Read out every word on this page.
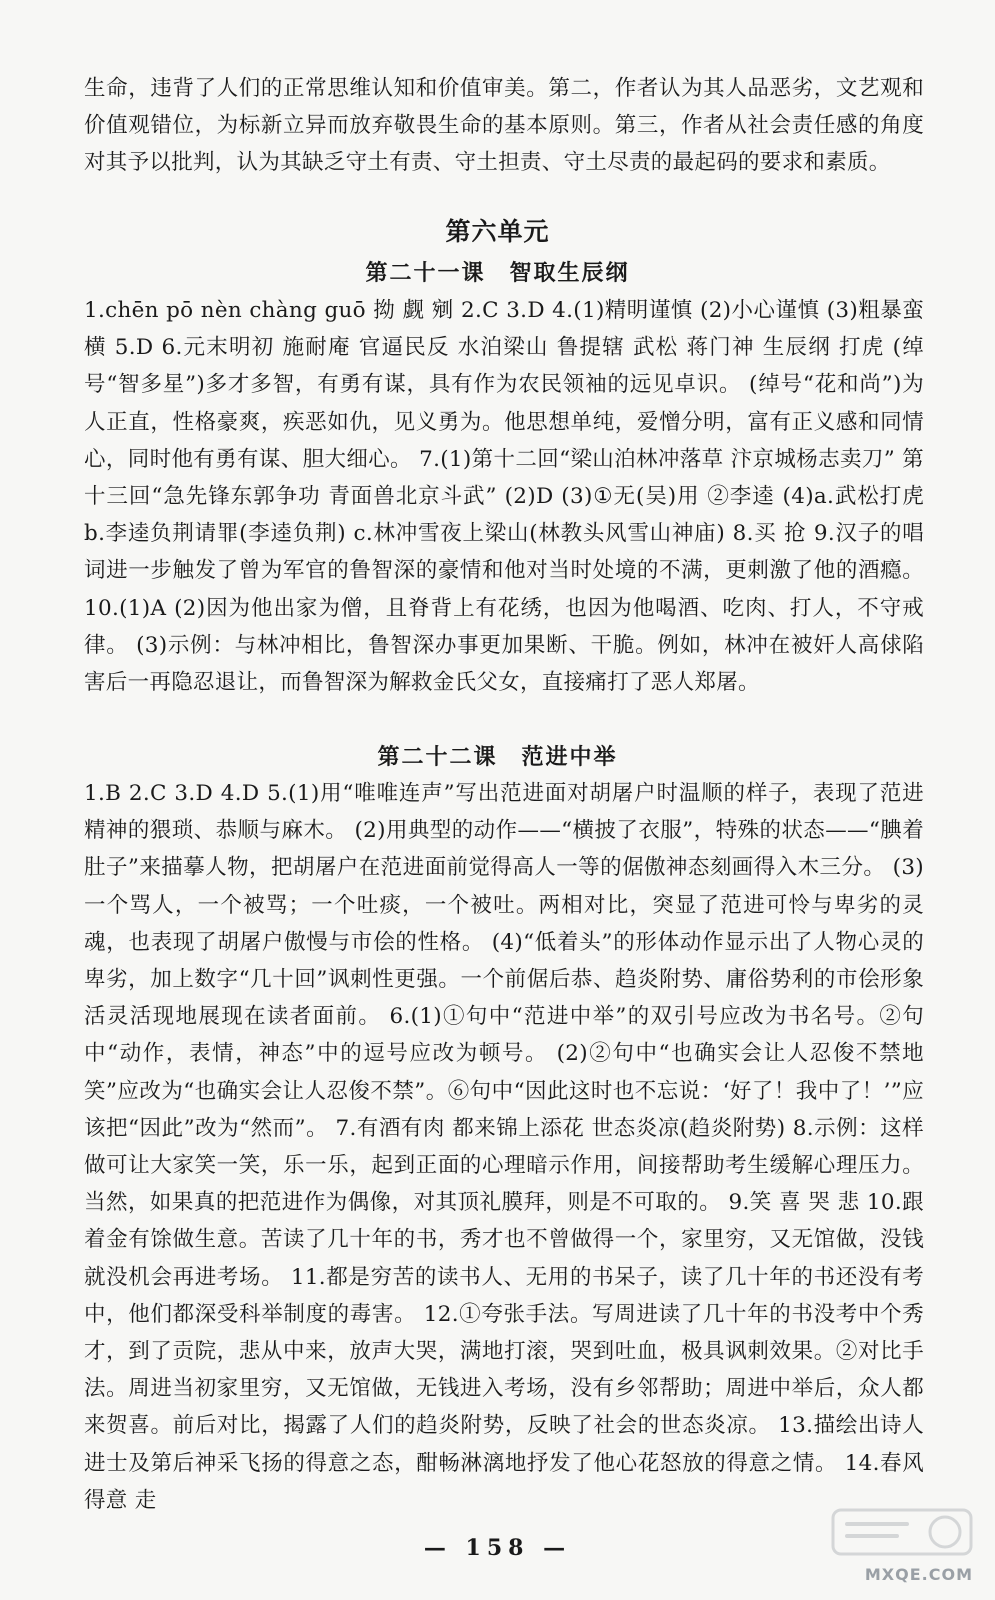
生命，违背了人们的正常思维认知和价值审美。第二，作者认为其人品恶劣，文艺观和价值观错位，为标新立异而放弃敬畏生命的基本原则。第三，作者从社会责任感的角度对其予以批判，认为其缺乏守土有责、守土担责、守土尽责的最起码的要求和素质。

第六单元
第二十一课　智取生辰纲

1.chēn pō nèn chàng guō 拗 觑 剜 2.C 3.D 4.(1)精明谨慎 (2)小心谨慎 (3)粗暴蛮横 5.D 6.元末明初 施耐庵 官逼民反 水泊梁山 鲁提辖 武松 蒋门神 生辰纲 打虎 (绰号“智多星”)多才多智，有勇有谋，具有作为农民领袖的远见卓识。 (绰号“花和尚”)为人正直，性格豪爽，疾恶如仇，见义勇为。他思想单纯，爱憎分明，富有正义感和同情心，同时他有勇有谋、胆大细心。 7.(1)第十二回“梁山泊林冲落草 汴京城杨志卖刀” 第十三回“急先锋东郭争功 青面兽北京斗武” (2)D (3)①无(吴)用 ②李逵 (4)a.武松打虎 b.李逵负荆请罪(李逵负荆) c.林冲雪夜上梁山(林教头风雪山神庙) 8.买 抢 9.汉子的唱词进一步触发了曾为军官的鲁智深的豪情和他对当时处境的不满，更刺激了他的酒瘾。 10.(1)A (2)因为他出家为僧，且脊背上有花绣，也因为他喝酒、吃肉、打人，不守戒律。 (3)示例：与林冲相比，鲁智深办事更加果断、干脆。例如，林冲在被奸人高俅陷害后一再隐忍退让，而鲁智深为解救金氏父女，直接痛打了恶人郑屠。

第二十二课　范进中举

1.B 2.C 3.D 4.D 5.(1)用“唯唯连声”写出范进面对胡屠户时温顺的样子，表现了范进精神的猥琐、恭顺与麻木。 (2)用典型的动作——“横披了衣服”，特殊的状态——“腆着肚子”来描摹人物，把胡屠户在范进面前觉得高人一等的倨傲神态刻画得入木三分。 (3)一个骂人，一个被骂；一个吐痰，一个被吐。两相对比，突显了范进可怜与卑劣的灵魂，也表现了胡屠户傲慢与市侩的性格。 (4)“低着头”的形体动作显示出了人物心灵的卑劣，加上数字“几十回”讽刺性更强。一个前倨后恭、趋炎附势、庸俗势利的市侩形象活灵活现地展现在读者面前。 6.(1)①句中“范进中举”的双引号应改为书名号。②句中“动作，表情，神态”中的逗号应改为顿号。 (2)②句中“也确实会让人忍俊不禁地笑”应改为“也确实会让人忍俊不禁”。⑥句中“因此这时也不忘说：‘好了！我中了！’”应该把“因此”改为“然而”。 7.有酒有肉 都来锦上添花 世态炎凉(趋炎附势) 8.示例：这样做可让大家笑一笑，乐一乐，起到正面的心理暗示作用，间接帮助考生缓解心理压力。当然，如果真的把范进作为偶像，对其顶礼膜拜，则是不可取的。 9.笑 喜 哭 悲 10.跟着金有馀做生意。苦读了几十年的书，秀才也不曾做得一个，家里穷，又无馆做，没钱就没机会再进考场。 11.都是穷苦的读书人、无用的书呆子，读了几十年的书还没有考中，他们都深受科举制度的毒害。 12.①夸张手法。写周进读了几十年的书没考中个秀才，到了贡院，悲从中来，放声大哭，满地打滚，哭到吐血，极具讽刺效果。②对比手法。周进当初家里穷，又无馆做，无钱进入考场，没有乡邻帮助；周进中举后，众人都来贺喜。前后对比，揭露了人们的趋炎附势，反映了社会的世态炎凉。 13.描绘出诗人进士及第后神采飞扬的得意之态，酣畅淋漓地抒发了他心花怒放的得意之情。 14.春风得意 走

— 158 —
MXQE.COM
